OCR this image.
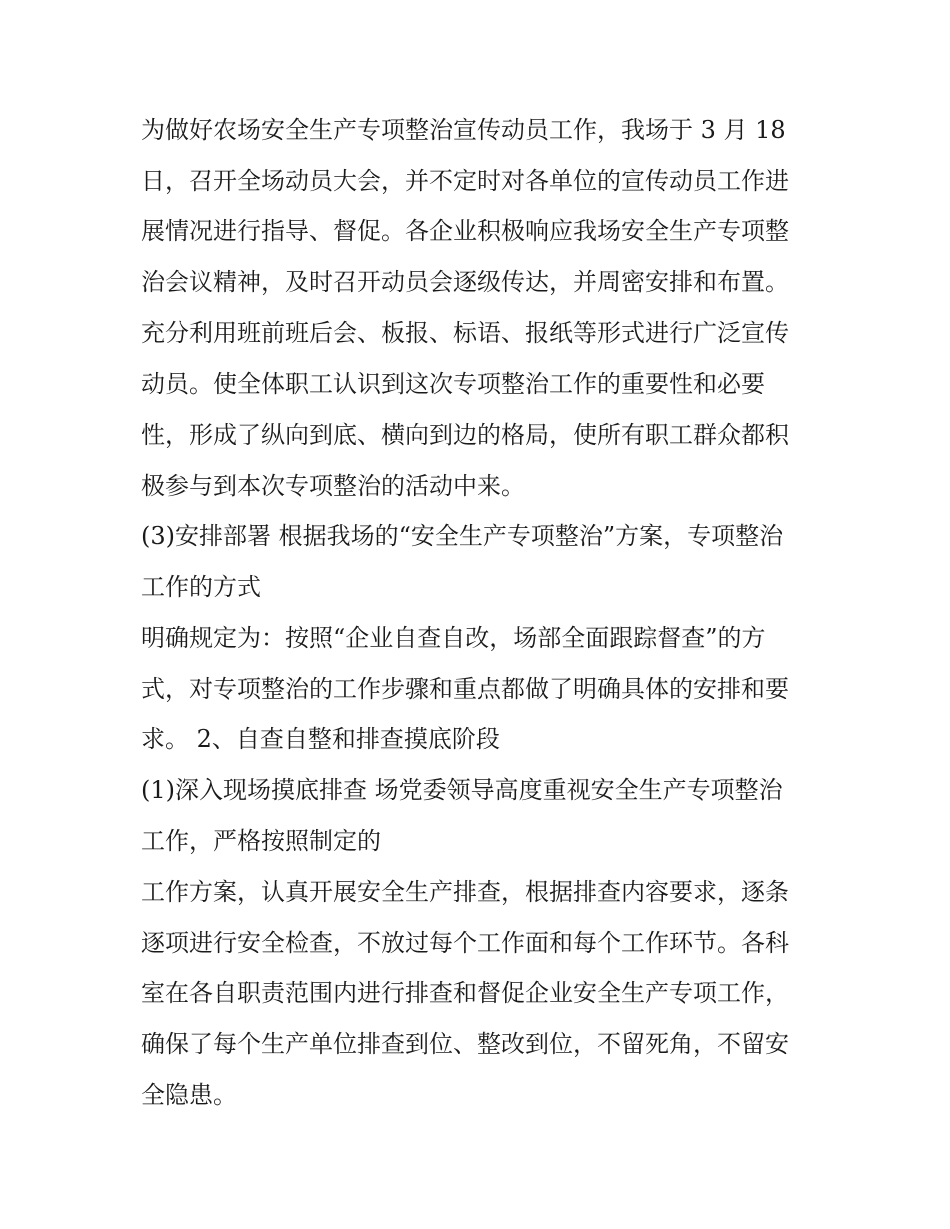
为做好农场安全生产专项整治宣传动员工作，我场于 3 月 18
日，召开全场动员大会，并不定时对各单位的宣传动员工作进
展情况进行指导、督促。各企业积极响应我场安全生产专项整
治会议精神，及时召开动员会逐级传达，并周密安排和布置。
充分利用班前班后会、板报、标语、报纸等形式进行广泛宣传
动员。使全体职工认识到这次专项整治工作的重要性和必要
性，形成了纵向到底、横向到边的格局，使所有职工群众都积
极参与到本次专项整治的活动中来。
(3)安排部署 根据我场的“安全生产专项整治”方案，专项整治
工作的方式
明确规定为：按照“企业自查自改，场部全面跟踪督查”的方
式，对专项整治的工作步骤和重点都做了明确具体的安排和要
求。 2、自查自整和排查摸底阶段
(1)深入现场摸底排查 场党委领导高度重视安全生产专项整治
工作，严格按照制定的
工作方案，认真开展安全生产排查，根据排查内容要求，逐条
逐项进行安全检查，不放过每个工作面和每个工作环节。各科
室在各自职责范围内进行排查和督促企业安全生产专项工作，
确保了每个生产单位排查到位、整改到位，不留死角，不留安
全隐患。
